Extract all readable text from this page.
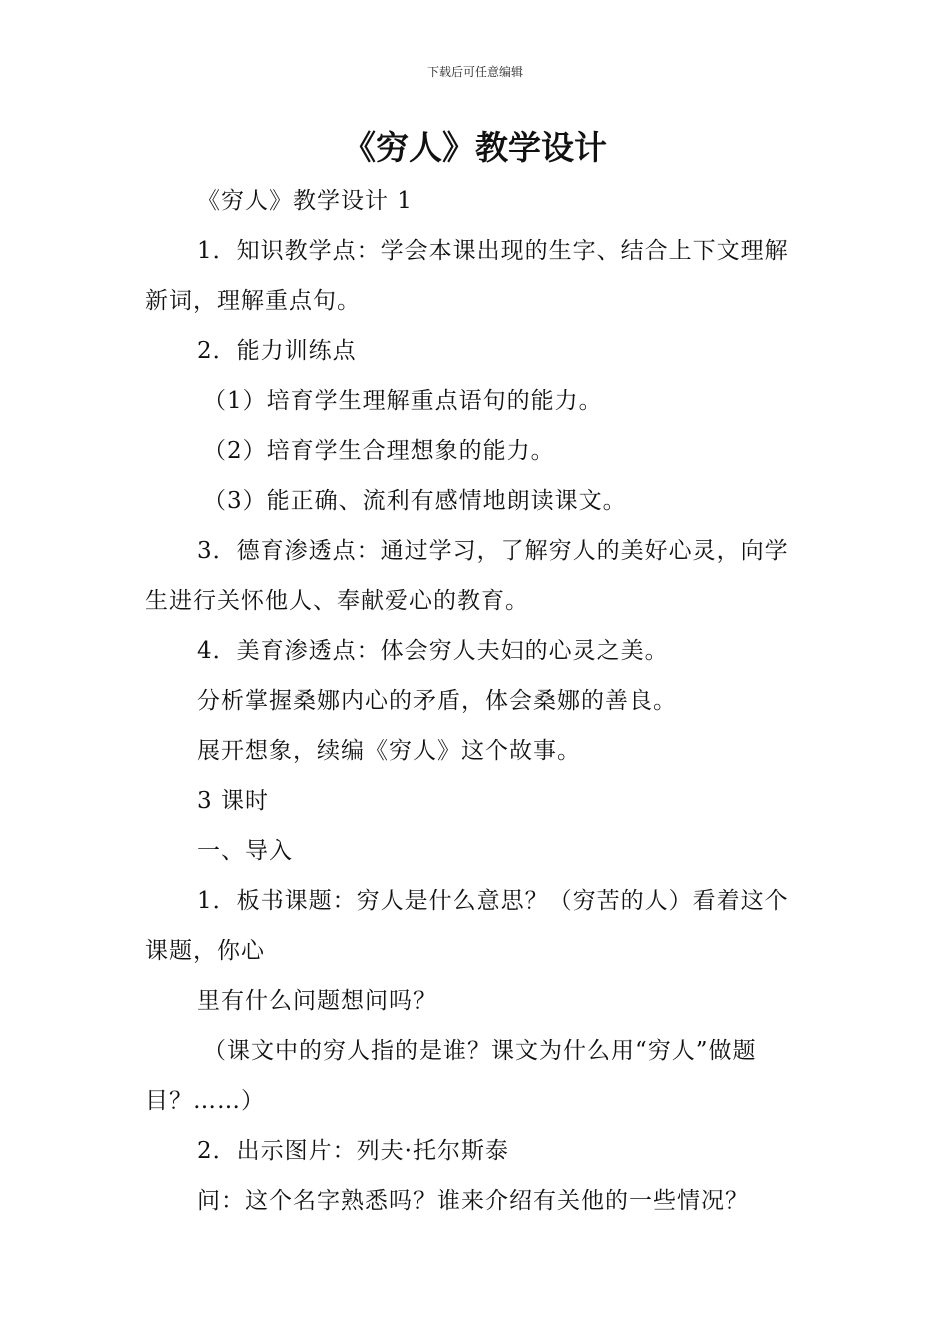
下载后可任意编辑
《穷人》教学设计

《穷人》教学设计 1

1．知识教学点：学会本课出现的生字、结合上下文理解新词，理解重点句。

2．能力训练点

（1）培育学生理解重点语句的能力。

（2）培育学生合理想象的能力。

（3）能正确、流利有感情地朗读课文。

3．德育渗透点：通过学习，了解穷人的美好心灵，向学生进行关怀他人、奉献爱心的教育。

4．美育渗透点：体会穷人夫妇的心灵之美。

分析掌握桑娜内心的矛盾，体会桑娜的善良。

展开想象，续编《穷人》这个故事。

3 课时

一、导入

1．板书课题：穷人是什么意思？（穷苦的人）看着这个课题，你心

里有什么问题想问吗？

（课文中的穷人指的是谁？课文为什么用“穷人”做题目？……）

2．出示图片：列夫·托尔斯泰

问：这个名字熟悉吗？谁来介绍有关他的一些情况？
